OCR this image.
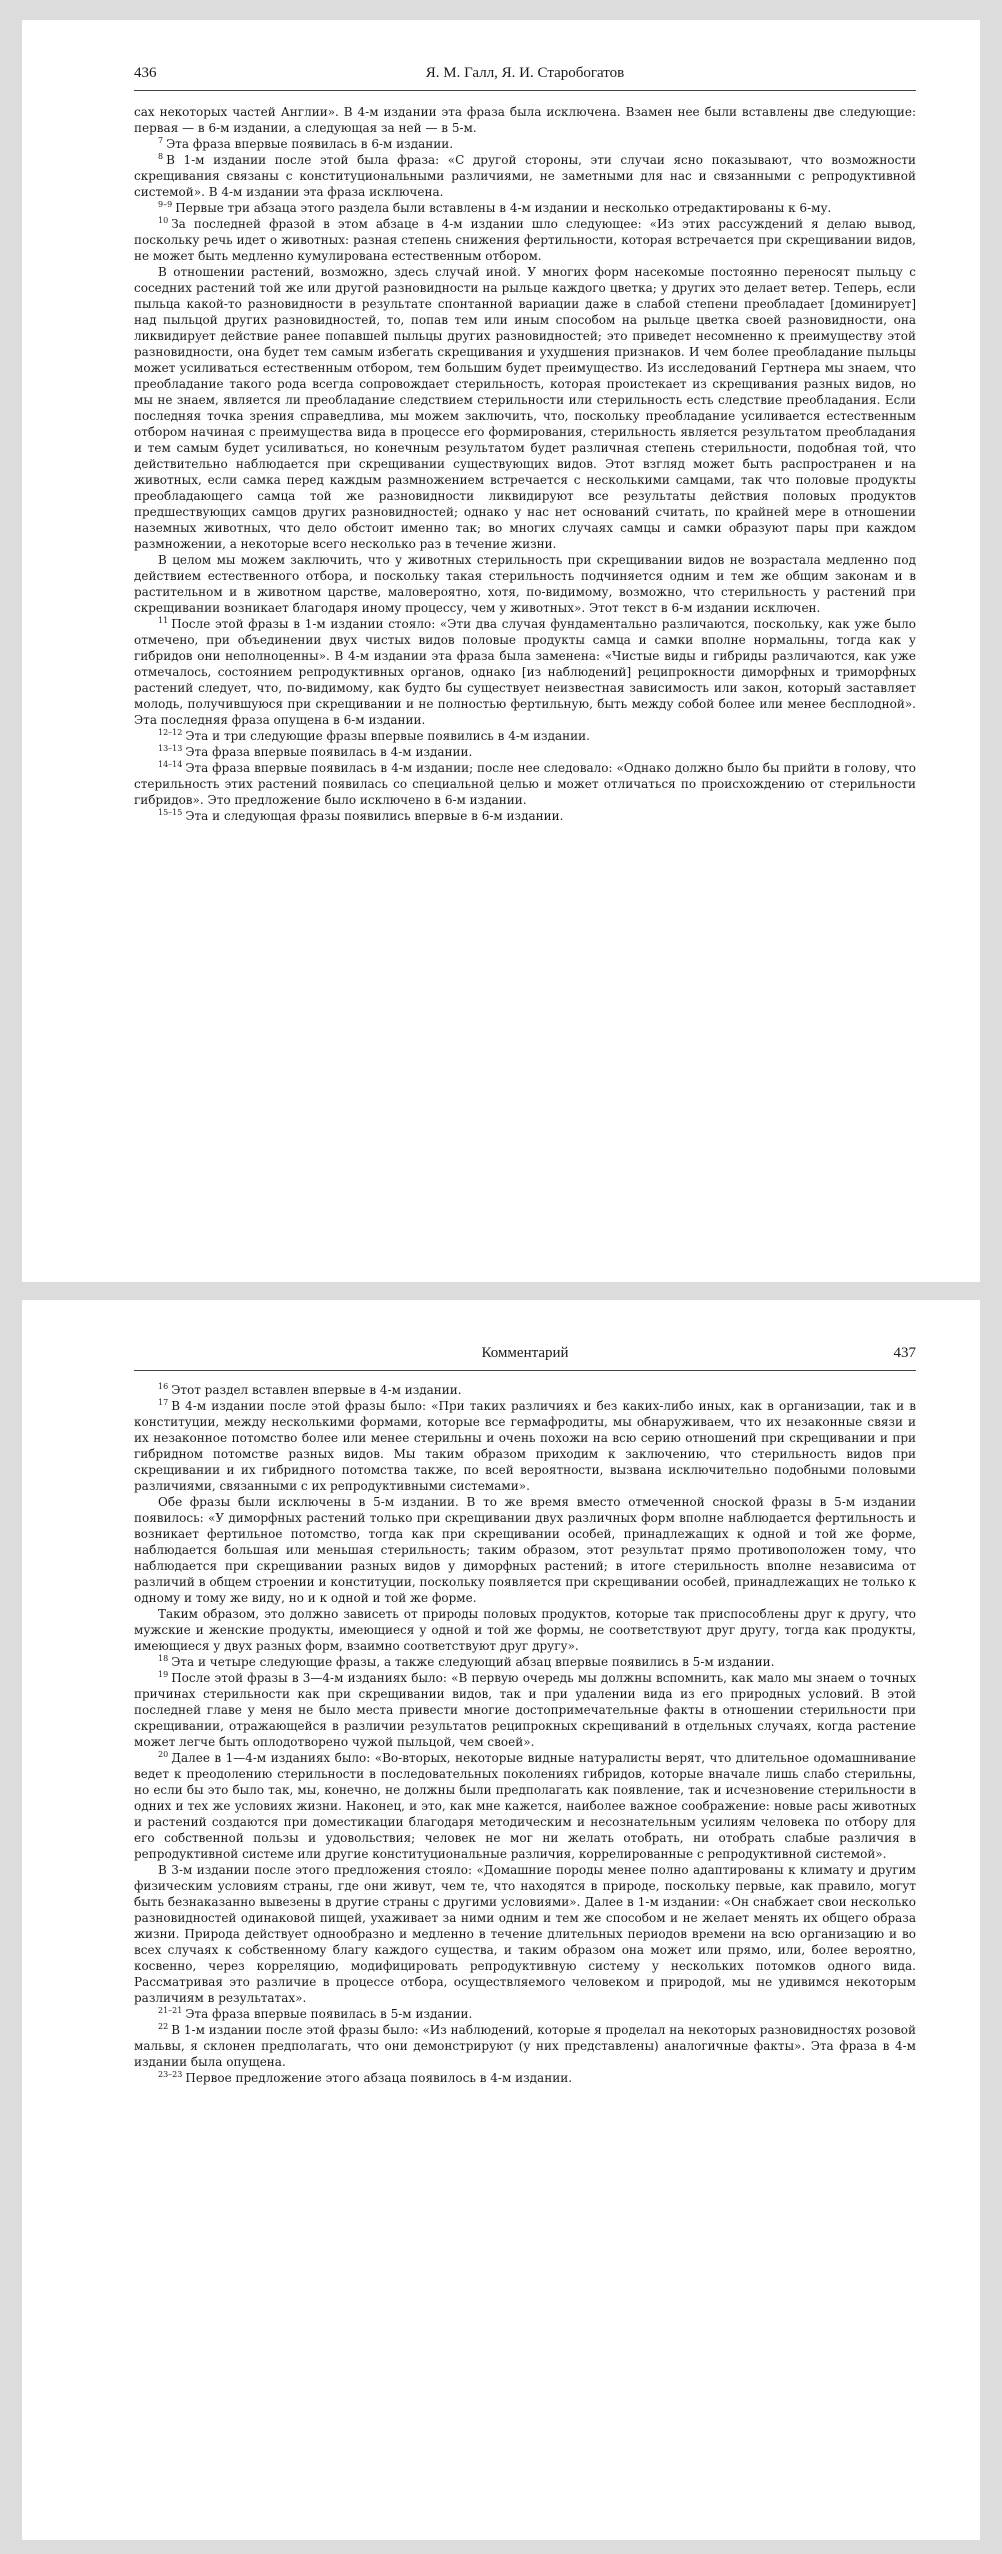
436	Я. М. Галл, Я. И. Старобогатов

сах некоторых частей Англии». В 4-м издании эта фраза была исключена. Взамен нее были вставлены две следующие: первая — в 6-м издании, а следующая за ней — в 5-м.

$^7$ Эта фраза впервые появилась в 6-м издании.

$^8$ В 1-м издании после этой была фраза: «С другой стороны, эти случаи ясно показывают, что возможности скрещивания связаны с конституциональными различиями, не заметными для нас и связанными с репродуктивной системой». В 4-м издании эта фраза исключена.

$^{9-9}$ Первые три абзаца этого раздела были вставлены в 4-м издании и несколько отредактированы к 6-му.

$^{10}$ За последней фразой в этом абзаце в 4-м издании шло следующее: «Из этих рассуждений я делаю вывод, поскольку речь идет о животных: разная степень снижения фертильности, которая встречается при скрещивании видов, не может быть медленно кумулирована естественным отбором.

В отношении растений, возможно, здесь случай иной. У многих форм насекомые постоянно переносят пыльцу с соседних растений той же или другой разновидности на рыльце каждого цветка; у других это делает ветер. Теперь, если пыльца какой-то разновидности в результате спонтанной вариации даже в слабой степени преобладает [доминирует] над пыльцой других разновидностей, то, попав тем или иным способом на рыльце цветка своей разновидности, она ликвидирует действие ранее попавшей пыльцы других разновидностей; это приведет несомненно к преимуществу этой разновидности, она будет тем самым избегать скрещивания и ухудшения признаков. И чем более преобладание пыльцы может усиливаться естественным отбором, тем большим будет преимущество. Из исследований Гертнера мы знаем, что преобладание такого рода всегда сопровождает стерильность, которая проистекает из скрещивания разных видов, но мы не знаем, является ли преобладание следствием стерильности или стерильность есть следствие преобладания. Если последняя точка зрения справедлива, мы можем заключить, что, поскольку преобладание усиливается естественным отбором начиная с преимущества вида в процессе его формирования, стерильность является результатом преобладания и тем самым будет усиливаться, но конечным результатом будет различная степень стерильности, подобная той, что действительно наблюдается при скрещивании существующих видов. Этот взгляд может быть распространен и на животных, если самка перед каждым размножением встречается с несколькими самцами, так что половые продукты преобладающего самца той же разновидности ликвидируют все результаты действия половых продуктов предшествующих самцов других разновидностей; однако у нас нет оснований считать, по крайней мере в отношении наземных животных, что дело обстоит именно так; во многих случаях самцы и самки образуют пары при каждом размножении, а некоторые всего несколько раз в течение жизни.

В целом мы можем заключить, что у животных стерильность при скрещивании видов не возрастала медленно под действием естественного отбора, и поскольку такая стерильность подчиняется одним и тем же общим законам и в растительном и в животном царстве, маловероятно, хотя, по-видимому, возможно, что стерильность у растений при скрещивании возникает благодаря иному процессу, чем у животных». Этот текст в 6-м издании исключен.

$^{11}$ После этой фразы в 1-м издании стояло: «Эти два случая фундаментально различаются, поскольку, как уже было отмечено, при объединении двух чистых видов половые продукты самца и самки вполне нормальны, тогда как у гибридов они неполноценны». В 4-м издании эта фраза была заменена: «Чистые виды и гибриды различаются, как уже отмечалось, состоянием репродуктивных органов, однако [из наблюдений] реципрокности диморфных и триморфных растений следует, что, по-видимому, как будто бы существует неизвестная зависимость или закон, который заставляет молодь, получившуюся при скрещивании и не полностью фертильную, быть между собой более или менее бесплодной». Эта последняя фраза опущена в 6-м издании.

$^{12-12}$ Эта и три следующие фразы впервые появились в 4-м издании.

$^{13-13}$ Эта фраза впервые появилась в 4-м издании.

$^{14-14}$ Эта фраза впервые появилась в 4-м издании; после нее следовало: «Однако должно было бы прийти в голову, что стерильность этих растений появилась со специальной целью и может отличаться по происхождению от стерильности гибридов». Это предложение было исключено в 6-м издании.

$^{15-15}$ Эта и следующая фразы появились впервые в 6-м издании.

Комментарий	437

$^{16}$ Этот раздел вставлен впервые в 4-м издании.

$^{17}$ В 4-м издании после этой фразы было: «При таких различиях и без каких-либо иных, как в организации, так и в конституции, между несколькими формами, которые все гермафродиты, мы обнаруживаем, что их незаконные связи и их незаконное потомство более или менее стерильны и очень похожи на всю серию отношений при скрещивании и при гибридном потомстве разных видов. Мы таким образом приходим к заключению, что стерильность видов при скрещивании и их гибридного потомства также, по всей вероятности, вызвана исключительно подобными половыми различиями, связанными с их репродуктивными системами».

Обе фразы были исключены в 5-м издании. В то же время вместо отмеченной сноской фразы в 5-м издании появилось: «У диморфных растений только при скрещивании двух различных форм вполне наблюдается фертильность и возникает фертильное потомство, тогда как при скрещивании особей, принадлежащих к одной и той же форме, наблюдается большая или меньшая стерильность; таким образом, этот результат прямо противоположен тому, что наблюдается при скрещивании разных видов у диморфных растений; в итоге стерильность вполне независима от различий в общем строении и конституции, поскольку появляется при скрещивании особей, принадлежащих не только к одному и тому же виду, но и к одной и той же форме.

Таким образом, это должно зависеть от природы половых продуктов, которые так приспособлены друг к другу, что мужские и женские продукты, имеющиеся у одной и той же формы, не соответствуют друг другу, тогда как продукты, имеющиеся у двух разных форм, взаимно соответствуют друг другу».

$^{18}$ Эта и четыре следующие фразы, а также следующий абзац впервые появились в 5-м издании.

$^{19}$ После этой фразы в 3—4-м изданиях было: «В первую очередь мы должны вспомнить, как мало мы знаем о точных причинах стерильности как при скрещивании видов, так и при удалении вида из его природных условий. В этой последней главе у меня не было места привести многие достопримечательные факты в отношении стерильности при скрещивании, отражающейся в различии результатов реципрокных скрещиваний в отдельных случаях, когда растение может легче быть оплодотворено чужой пыльцой, чем своей».

$^{20}$ Далее в 1—4-м изданиях было: «Во-вторых, некоторые видные натуралисты верят, что длительное одомашнивание ведет к преодолению стерильности в последовательных поколениях гибридов, которые вначале лишь слабо стерильны, но если бы это было так, мы, конечно, не должны были предполагать как появление, так и исчезновение стерильности в одних и тех же условиях жизни. Наконец, и это, как мне кажется, наиболее важное соображение: новые расы животных и растений создаются при доместикации благодаря методическим и несознательным усилиям человека по отбору для его собственной пользы и удовольствия; человек не мог ни желать отобрать, ни отобрать слабые различия в репродуктивной системе или другие конституциональные различия, коррелированные с репродуктивной системой».

В 3-м издании после этого предложения стояло: «Домашние породы менее полно адаптированы к климату и другим физическим условиям страны, где они живут, чем те, что находятся в природе, поскольку первые, как правило, могут быть безнаказанно вывезены в другие страны с другими условиями». Далее в 1-м издании: «Он снабжает свои несколько разновидностей одинаковой пищей, ухаживает за ними одним и тем же способом и не желает менять их общего образа жизни. Природа действует однообразно и медленно в течение длительных периодов времени на всю организацию и во всех случаях к собственному благу каждого существа, и таким образом она может или прямо, или, более вероятно, косвенно, через корреляцию, модифицировать репродуктивную систему у нескольких потомков одного вида. Рассматривая это различие в процессе отбора, осуществляемого человеком и природой, мы не удивимся некоторым различиям в результатах».

$^{21-21}$ Эта фраза впервые появилась в 5-м издании.

$^{22}$ В 1-м издании после этой фразы было: «Из наблюдений, которые я проделал на некоторых разновидностях розовой мальвы, я склонен предполагать, что они демонстрируют (у них представлены) аналогичные факты». Эта фраза в 4-м издании была опущена.

$^{23-23}$ Первое предложение этого абзаца появилось в 4-м издании.
